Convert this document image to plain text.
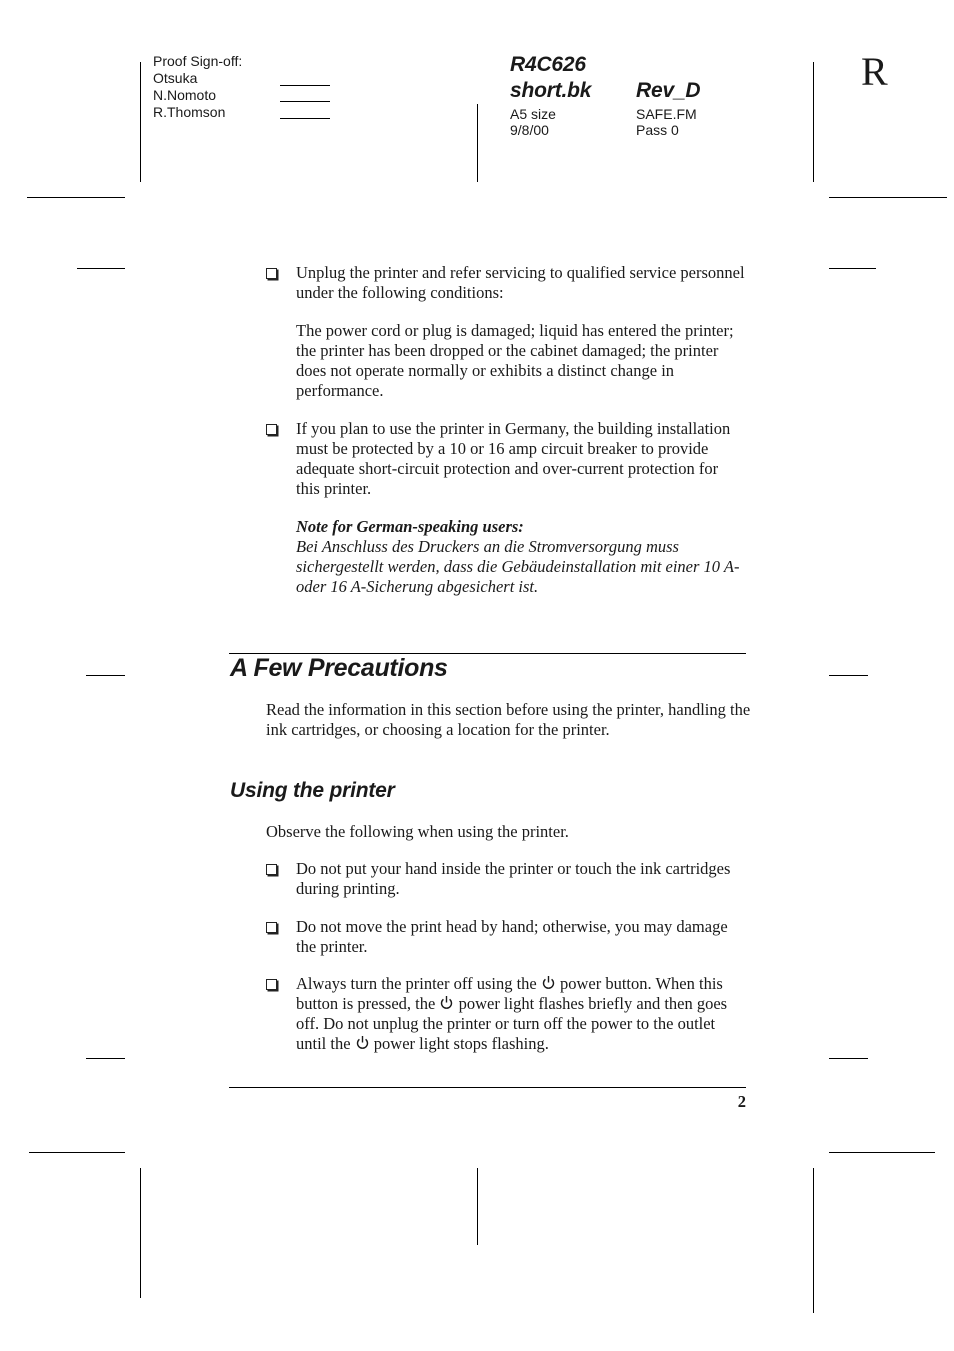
Proof Sign-off:
Otsuka
N.Nomoto
R.Thomson
R4C626
short.bk
A5 size
9/8/00
Rev_D
SAFE.FM
Pass 0
R
Unplug the printer and refer servicing to qualified service personnel under the following conditions:
The power cord or plug is damaged; liquid has entered the printer; the printer has been dropped or the cabinet damaged; the printer does not operate normally or exhibits a distinct change in performance.
If you plan to use the printer in Germany, the building installation must be protected by a 10 or 16 amp circuit breaker to provide adequate short-circuit protection and over-current protection for this printer.
Note for German-speaking users:
Bei Anschluss des Druckers an die Stromversorgung muss sichergestellt werden, dass die Gebäudeinstallation mit einer 10 A- oder 16 A-Sicherung abgesichert ist.
A Few Precautions
Read the information in this section before using the printer, handling the ink cartridges, or choosing a location for the printer.
Using the printer
Observe the following when using the printer.
Do not put your hand inside the printer or touch the ink cartridges during printing.
Do not move the print head by hand; otherwise, you may damage the printer.
Always turn the printer off using the power button. When this button is pressed, the power light flashes briefly and then goes off. Do not unplug the printer or turn off the power to the outlet until the power light stops flashing.
2
